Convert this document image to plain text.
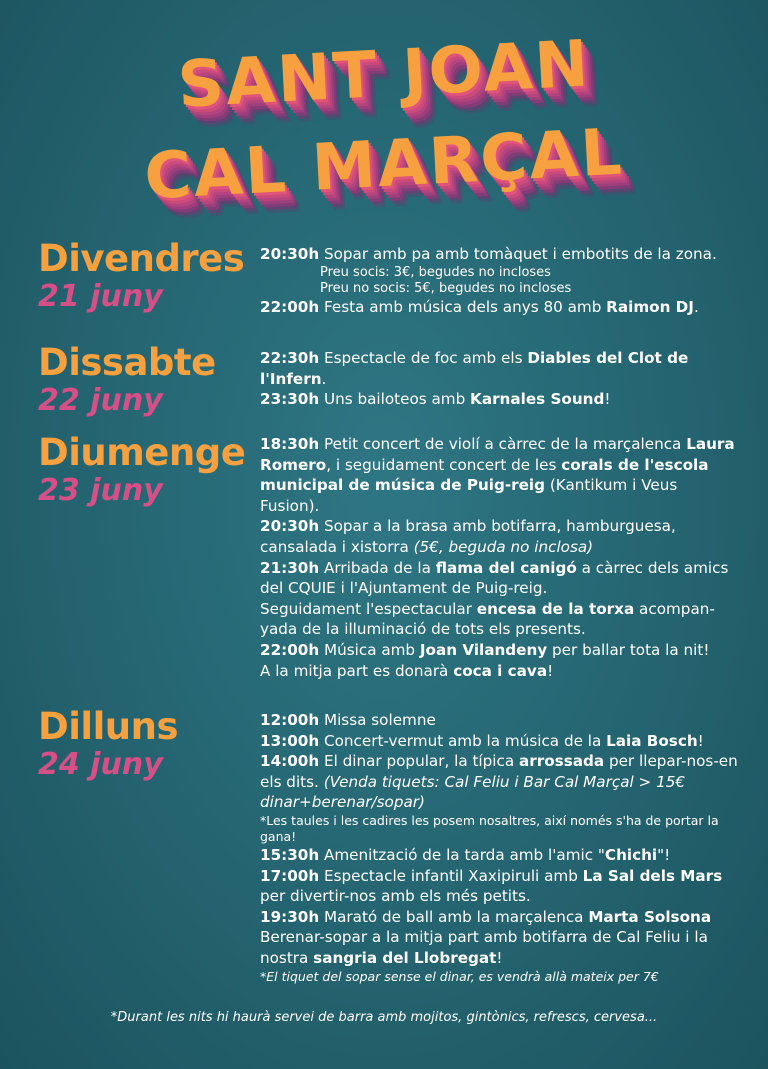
SANT JOAN
CAL MARÇAL
Divendres
21 juny

20:30h Sopar amb pa amb tomàquet i embotits de la zona.

Preu socis: 3€, begudes no incloses

Preu no socis: 5€, begudes no incloses

22:00h Festa amb música dels anys 80 amb Raimon DJ.

Dissabte
22 juny

22:30h Espectacle de foc amb els Diables del Clot de l'Infern.

23:30h Uns bailoteos amb Karnales Sound!

Diumenge
23 juny

18:30h Petit concert de violí a càrrec de la marçalenca Laura Romero, i seguidament concert de les corals de l'escola municipal de música de Puig-reig (Kantikum i Veus Fusion).

20:30h Sopar a la brasa amb botifarra, hamburguesa, cansalada i xistorra (5€, beguda no inclosa)

21:30h Arribada de la flama del canigó a càrrec dels amics del CQUIE i l'Ajuntament de Puig-reig.

Seguidament l'espectacular encesa de la torxa acompan-yada de la illuminació de tots els presents.

22:00h Música amb Joan Vilandeny per ballar tota la nit!

A la mitja part es donarà coca i cava!

Dilluns
24 juny

12:00h Missa solemne

13:00h Concert-vermut amb la música de la Laia Bosch!

14:00h El dinar popular, la típica arrossada per llepar-nos-en els dits. (Venda tiquets: Cal Feliu i Bar Cal Marçal > 15€ dinar+berenar/sopar)

*Les taules i les cadires les posem nosaltres, així només s'ha de portar la gana!

15:30h Amenització de la tarda amb l'amic "Chichi"!

17:00h Espectacle infantil Xaxipiruli amb La Sal dels Mars per divertir-nos amb els més petits.

19:30h Marató de ball amb la marçalenca Marta Solsona

Berenar-sopar a la mitja part amb botifarra de Cal Feliu i la nostra sangria del Llobregat!

*El tiquet del sopar sense el dinar, es vendrà allà mateix per 7€

*Durant les nits hi haurà servei de barra amb mojitos, gintònics, refrescs, cervesa...
